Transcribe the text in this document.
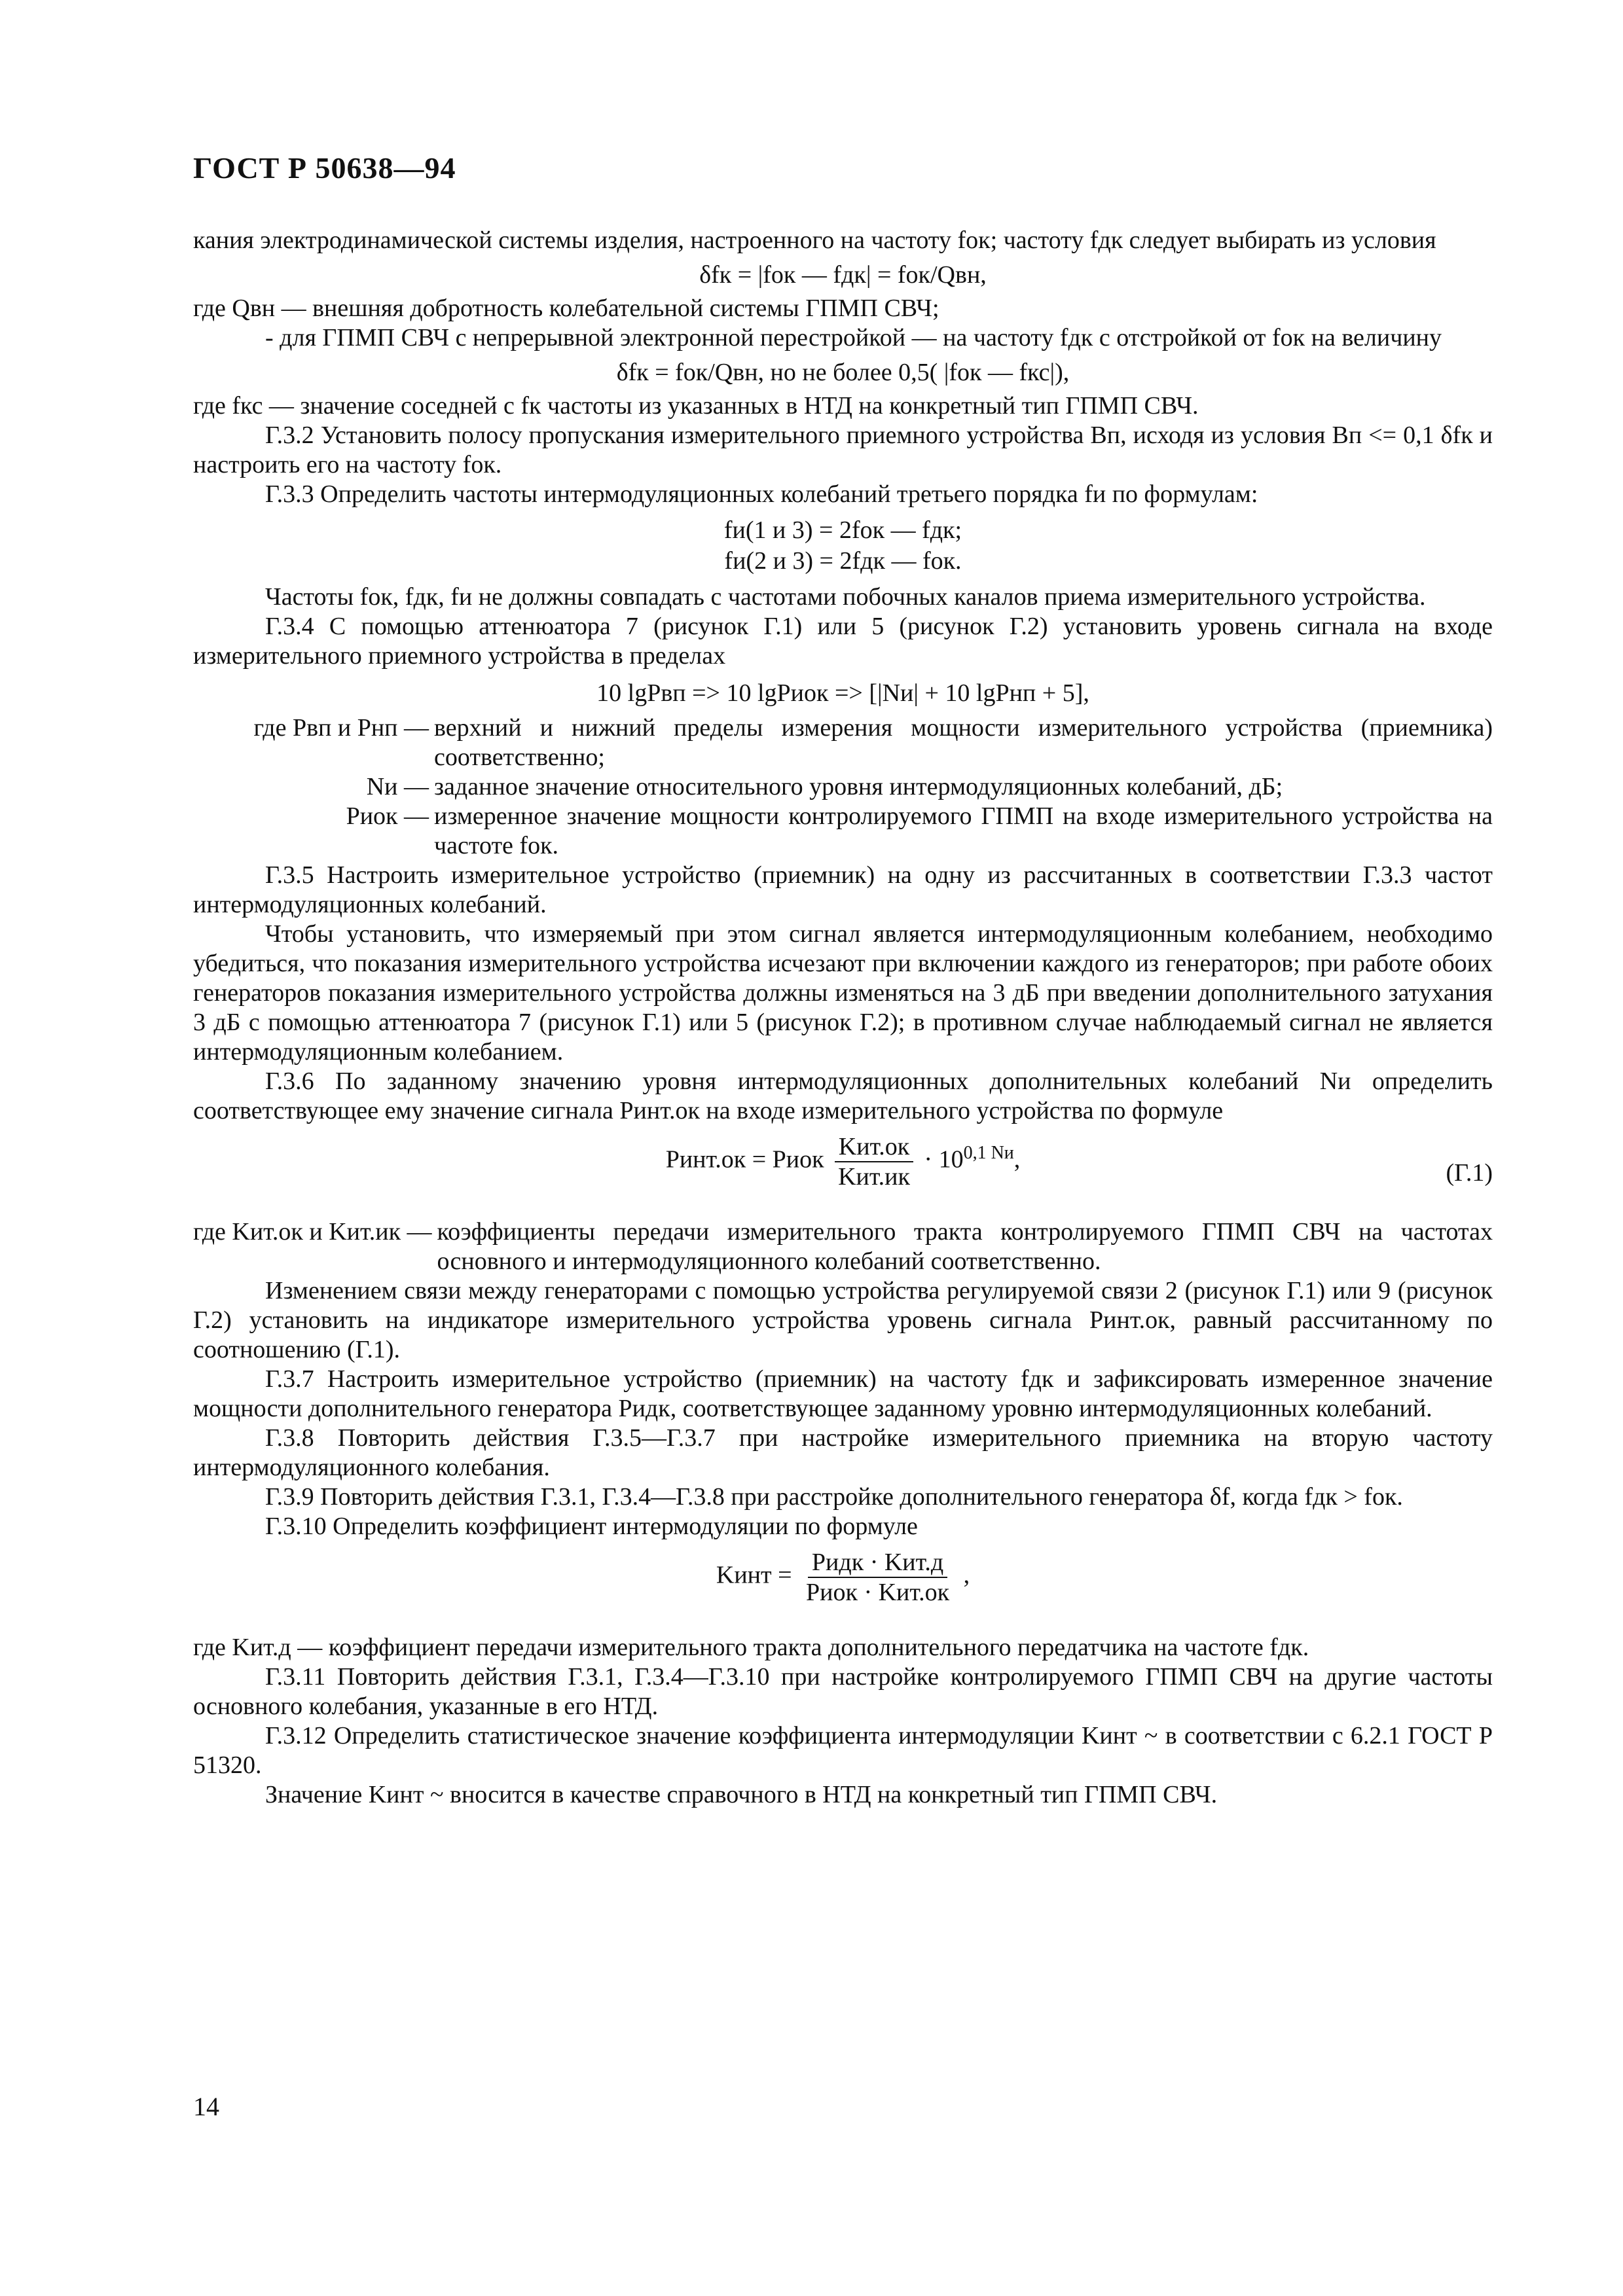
ГОСТ Р 50638—94

кания электродинамической системы изделия, настроенного на частоту fок; частоту fдк следует выбирать из условия

δfк = |fок — fдк| = fок/Qвн,

где Qвн — внешняя добротность колебательной системы ГПМП СВЧ;

- для ГПМП СВЧ с непрерывной электронной перестройкой — на частоту fдк с отстройкой от fок на величину

δfк = fок/Qвн, но не более 0,5( |fок — fкс|),

где fкс — значение соседней с fк частоты из указанных в НТД на конкретный тип ГПМП СВЧ.

Г.3.2 Установить полосу пропускания измерительного приемного устройства Bп, исходя из условия Bп <= 0,1 δfк и настроить его на частоту fок.

Г.3.3 Определить частоты интермодуляционных колебаний третьего порядка fи по формулам:

fи(1 и 3) = 2fок — fдк;

fи(2 и 3) = 2fдк — fок.

Частоты fок, fдк, fи не должны совпадать с частотами побочных каналов приема измерительного устройства.

Г.3.4 С помощью аттенюатора 7 (рисунок Г.1) или 5 (рисунок Г.2) установить уровень сигнала на входе измерительного приемного устройства в пределах

10 lgPвп => 10 lgPиок => [|Nи| + 10 lgPнп + 5],

где Pвп и Pнп — верхний и нижний пределы измерения мощности измерительного устройства (приемника) соответственно;
Nи — заданное значение относительного уровня интермодуляционных колебаний, дБ;
Pиок — измеренное значение мощности контролируемого ГПМП на входе измерительного устройства на частоте fок.

Г.3.5 Настроить измерительное устройство (приемник) на одну из рассчитанных в соответствии Г.3.3 частот интермодуляционных колебаний.

Чтобы установить, что измеряемый при этом сигнал является интермодуляционным колебанием, необходимо убедиться, что показания измерительного устройства исчезают при включении каждого из генераторов; при работе обоих генераторов показания измерительного устройства должны изменяться на 3 дБ при введении дополнительного затухания 3 дБ с помощью аттенюатора 7 (рисунок Г.1) или 5 (рисунок Г.2); в противном случае наблюдаемый сигнал не является интермодуляционным колебанием.

Г.3.6 По заданному значению уровня интермодуляционных дополнительных колебаний Nи определить соответствующее ему значение сигнала Pинт.ок на входе измерительного устройства по формуле

Pинт.ок = Pиок $\frac{\text{Kит.ок}}{\text{Kит.ик}} \cdot 10^{0,1 Nи}$,	(Г.1)
где Kит.ок и Kит.ик — коэффициенты передачи измерительного тракта контролируемого ГПМП СВЧ на частотах основного и интермодуляционного колебаний соответственно.

Изменением связи между генераторами с помощью устройства регулируемой связи 2 (рисунок Г.1) или 9 (рисунок Г.2) установить на индикаторе измерительного устройства уровень сигнала Pинт.ок, равный рассчитанному по соотношению (Г.1).

Г.3.7 Настроить измерительное устройство (приемник) на частоту fдк и зафиксировать измеренное значение мощности дополнительного генератора Pидк, соответствующее заданному уровню интермодуляционных колебаний.

Г.3.8 Повторить действия Г.3.5—Г.3.7 при настройке измерительного приемника на вторую частоту интермодуляционного колебания.

Г.3.9 Повторить действия Г.3.1, Г.3.4—Г.3.8 при расстройке дополнительного генератора δf, когда fдк > fок.

Г.3.10 Определить коэффициент интермодуляции по формуле

Kинт = $\frac{\text{Pидк · Kит.д}}{\text{Pиок · Kит.ок}}$ ,

где Kит.д — коэффициент передачи измерительного тракта дополнительного передатчика на частоте fдк.

Г.3.11 Повторить действия Г.3.1, Г.3.4—Г.3.10 при настройке контролируемого ГПМП СВЧ на другие частоты основного колебания, указанные в его НТД.

Г.3.12 Определить статистическое значение коэффициента интермодуляции Kинт ~ в соответствии с 6.2.1 ГОСТ Р 51320.

Значение Kинт ~ вносится в качестве справочного в НТД на конкретный тип ГПМП СВЧ.

14
